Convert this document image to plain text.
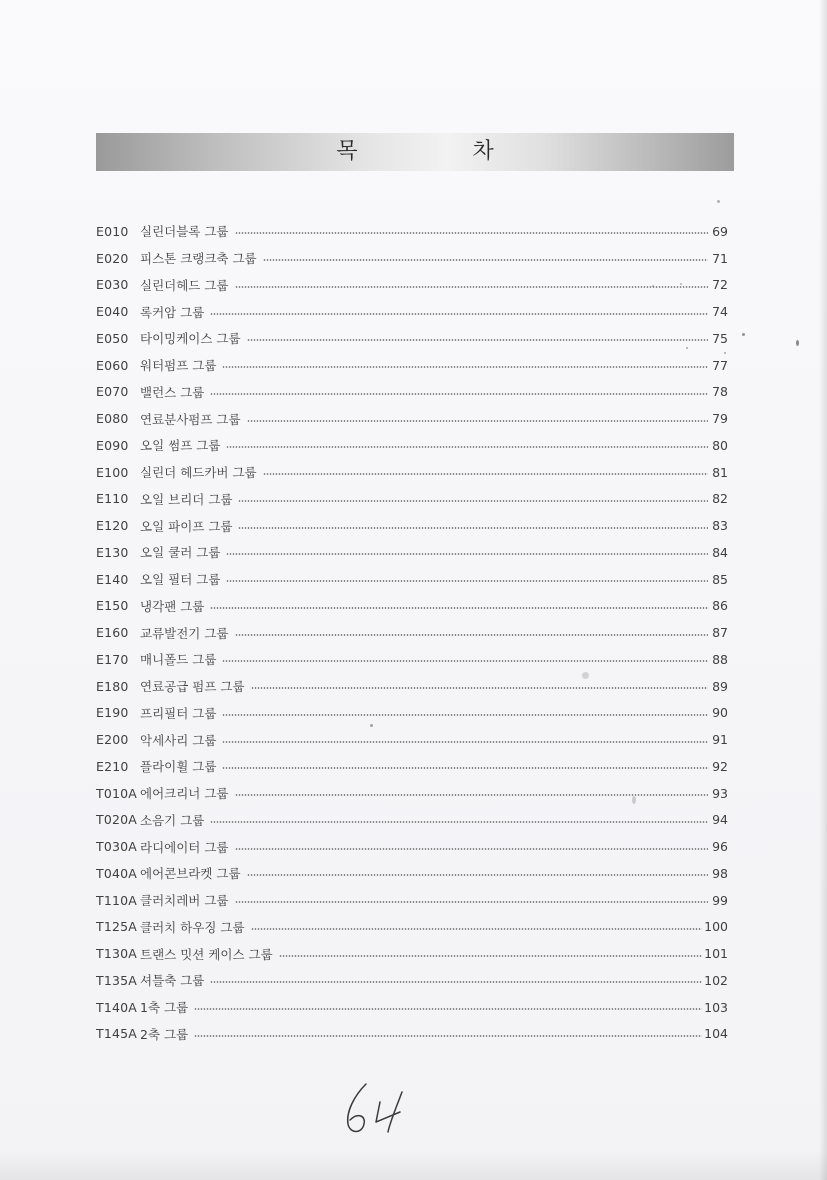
목 차
E010 실린더블록 그룹	69
E020 피스톤 크랭크축 그룹	71
E030 실린더헤드 그룹	72
E040 록커암 그룹	74
E050 타이밍케이스 그룹	75
E060 워터펌프 그룹	77
E070 밸런스 그룹	78
E080 연료분사펌프 그룹	79
E090 오일 썸프 그룹	80
E100 실린더 헤드카버 그룹	81
E110 오일 브리더 그룹	82
E120 오일 파이프 그룹	83
E130 오일 쿨러 그룹	84
E140 오일 필터 그룹	85
E150 냉각팬 그룹	86
E160 교류발전기 그룹	87
E170 매니폴드 그룹	88
E180 연료공급 펌프 그룹	89
E190 프리필터 그룹	90
E200 악세사리 그룹	91
E210 플라이휠 그룹	92
T010A 에어크리너 그룹	93
T020A 소음기 그룹	94
T030A 라디에이터 그룹	96
T040A 에어콘브라켓 그룹	98
T110A 클러치레버 그룹	99
T125A 클러치 하우징 그룹	100
T130A 트랜스 밋션 케이스 그룹	101
T135A 셔틀축 그룹	102
T140A 1축 그룹	103
T145A 2축 그룹	104
